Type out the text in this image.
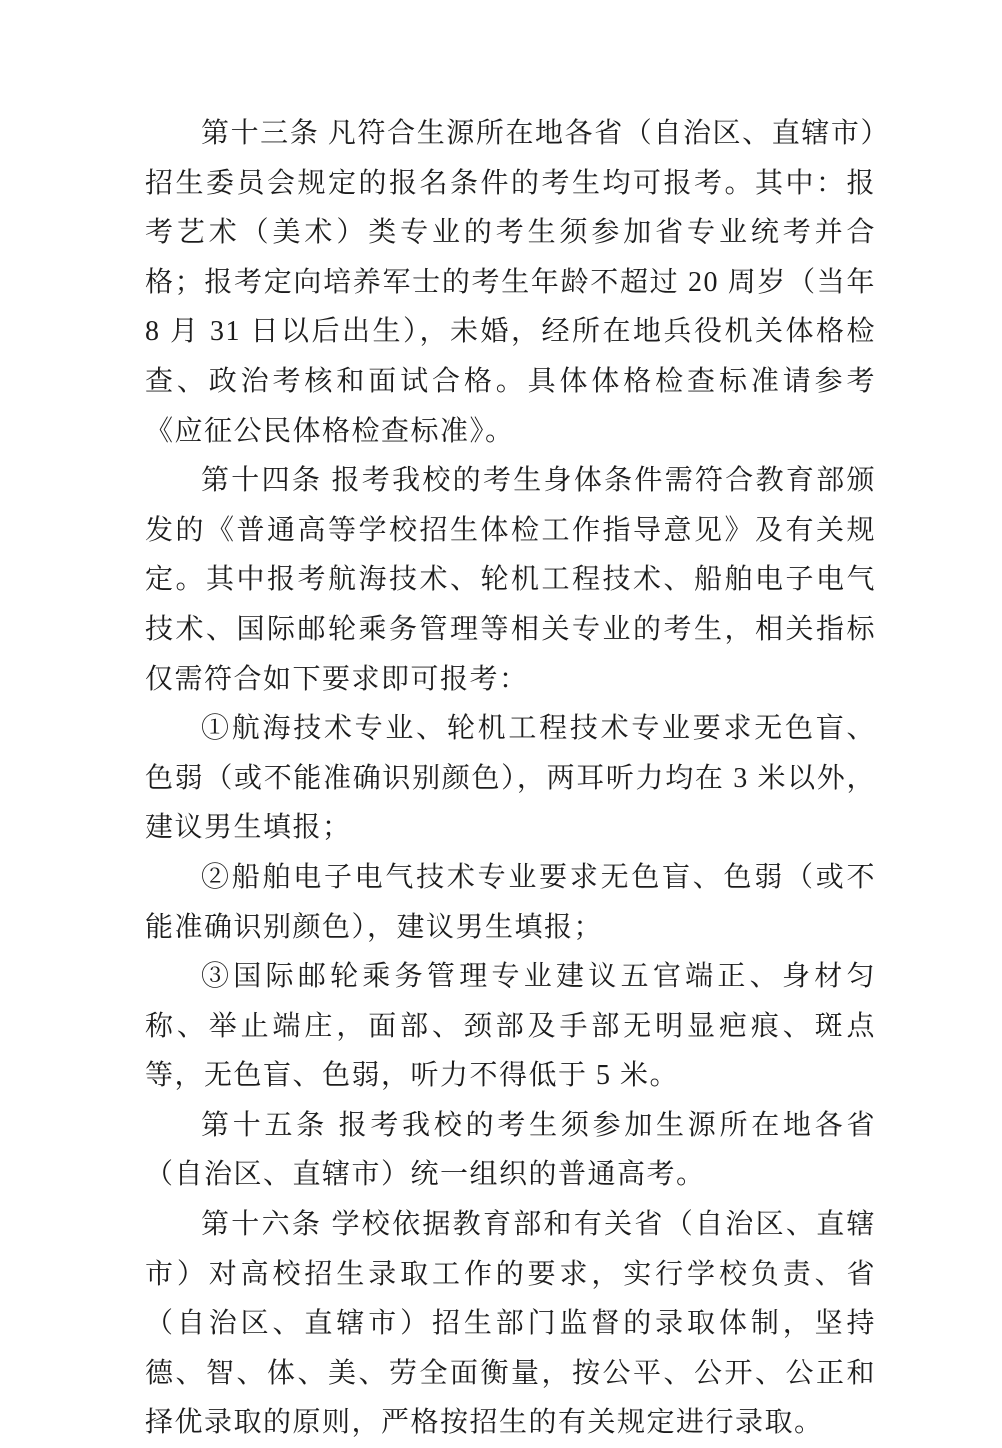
第十三条 凡符合生源所在地各省（自治区、直辖市）招生委员会规定的报名条件的考生均可报考。其中：报考艺术（美术）类专业的考生须参加省专业统考并合格；报考定向培养军士的考生年龄不超过 20 周岁（当年 8 月 31 日以后出生），未婚，经所在地兵役机关体格检查、政治考核和面试合格。具体体格检查标准请参考《应征公民体格检查标准》。

第十四条 报考我校的考生身体条件需符合教育部颁发的《普通高等学校招生体检工作指导意见》及有关规定。其中报考航海技术、轮机工程技术、船舶电子电气技术、国际邮轮乘务管理等相关专业的考生，相关指标仅需符合如下要求即可报考：

①航海技术专业、轮机工程技术专业要求无色盲、色弱（或不能准确识别颜色），两耳听力均在 3 米以外，建议男生填报；

②船舶电子电气技术专业要求无色盲、色弱（或不能准确识别颜色），建议男生填报；

③国际邮轮乘务管理专业建议五官端正、身材匀称、举止端庄，面部、颈部及手部无明显疤痕、斑点等，无色盲、色弱，听力不得低于 5 米。

第十五条 报考我校的考生须参加生源所在地各省（自治区、直辖市）统一组织的普通高考。

第十六条 学校依据教育部和有关省（自治区、直辖市）对高校招生录取工作的要求，实行学校负责、省（自治区、直辖市）招生部门监督的录取体制，坚持德、智、体、美、劳全面衡量，按公平、公开、公正和择优录取的原则，严格按招生的有关规定进行录取。
